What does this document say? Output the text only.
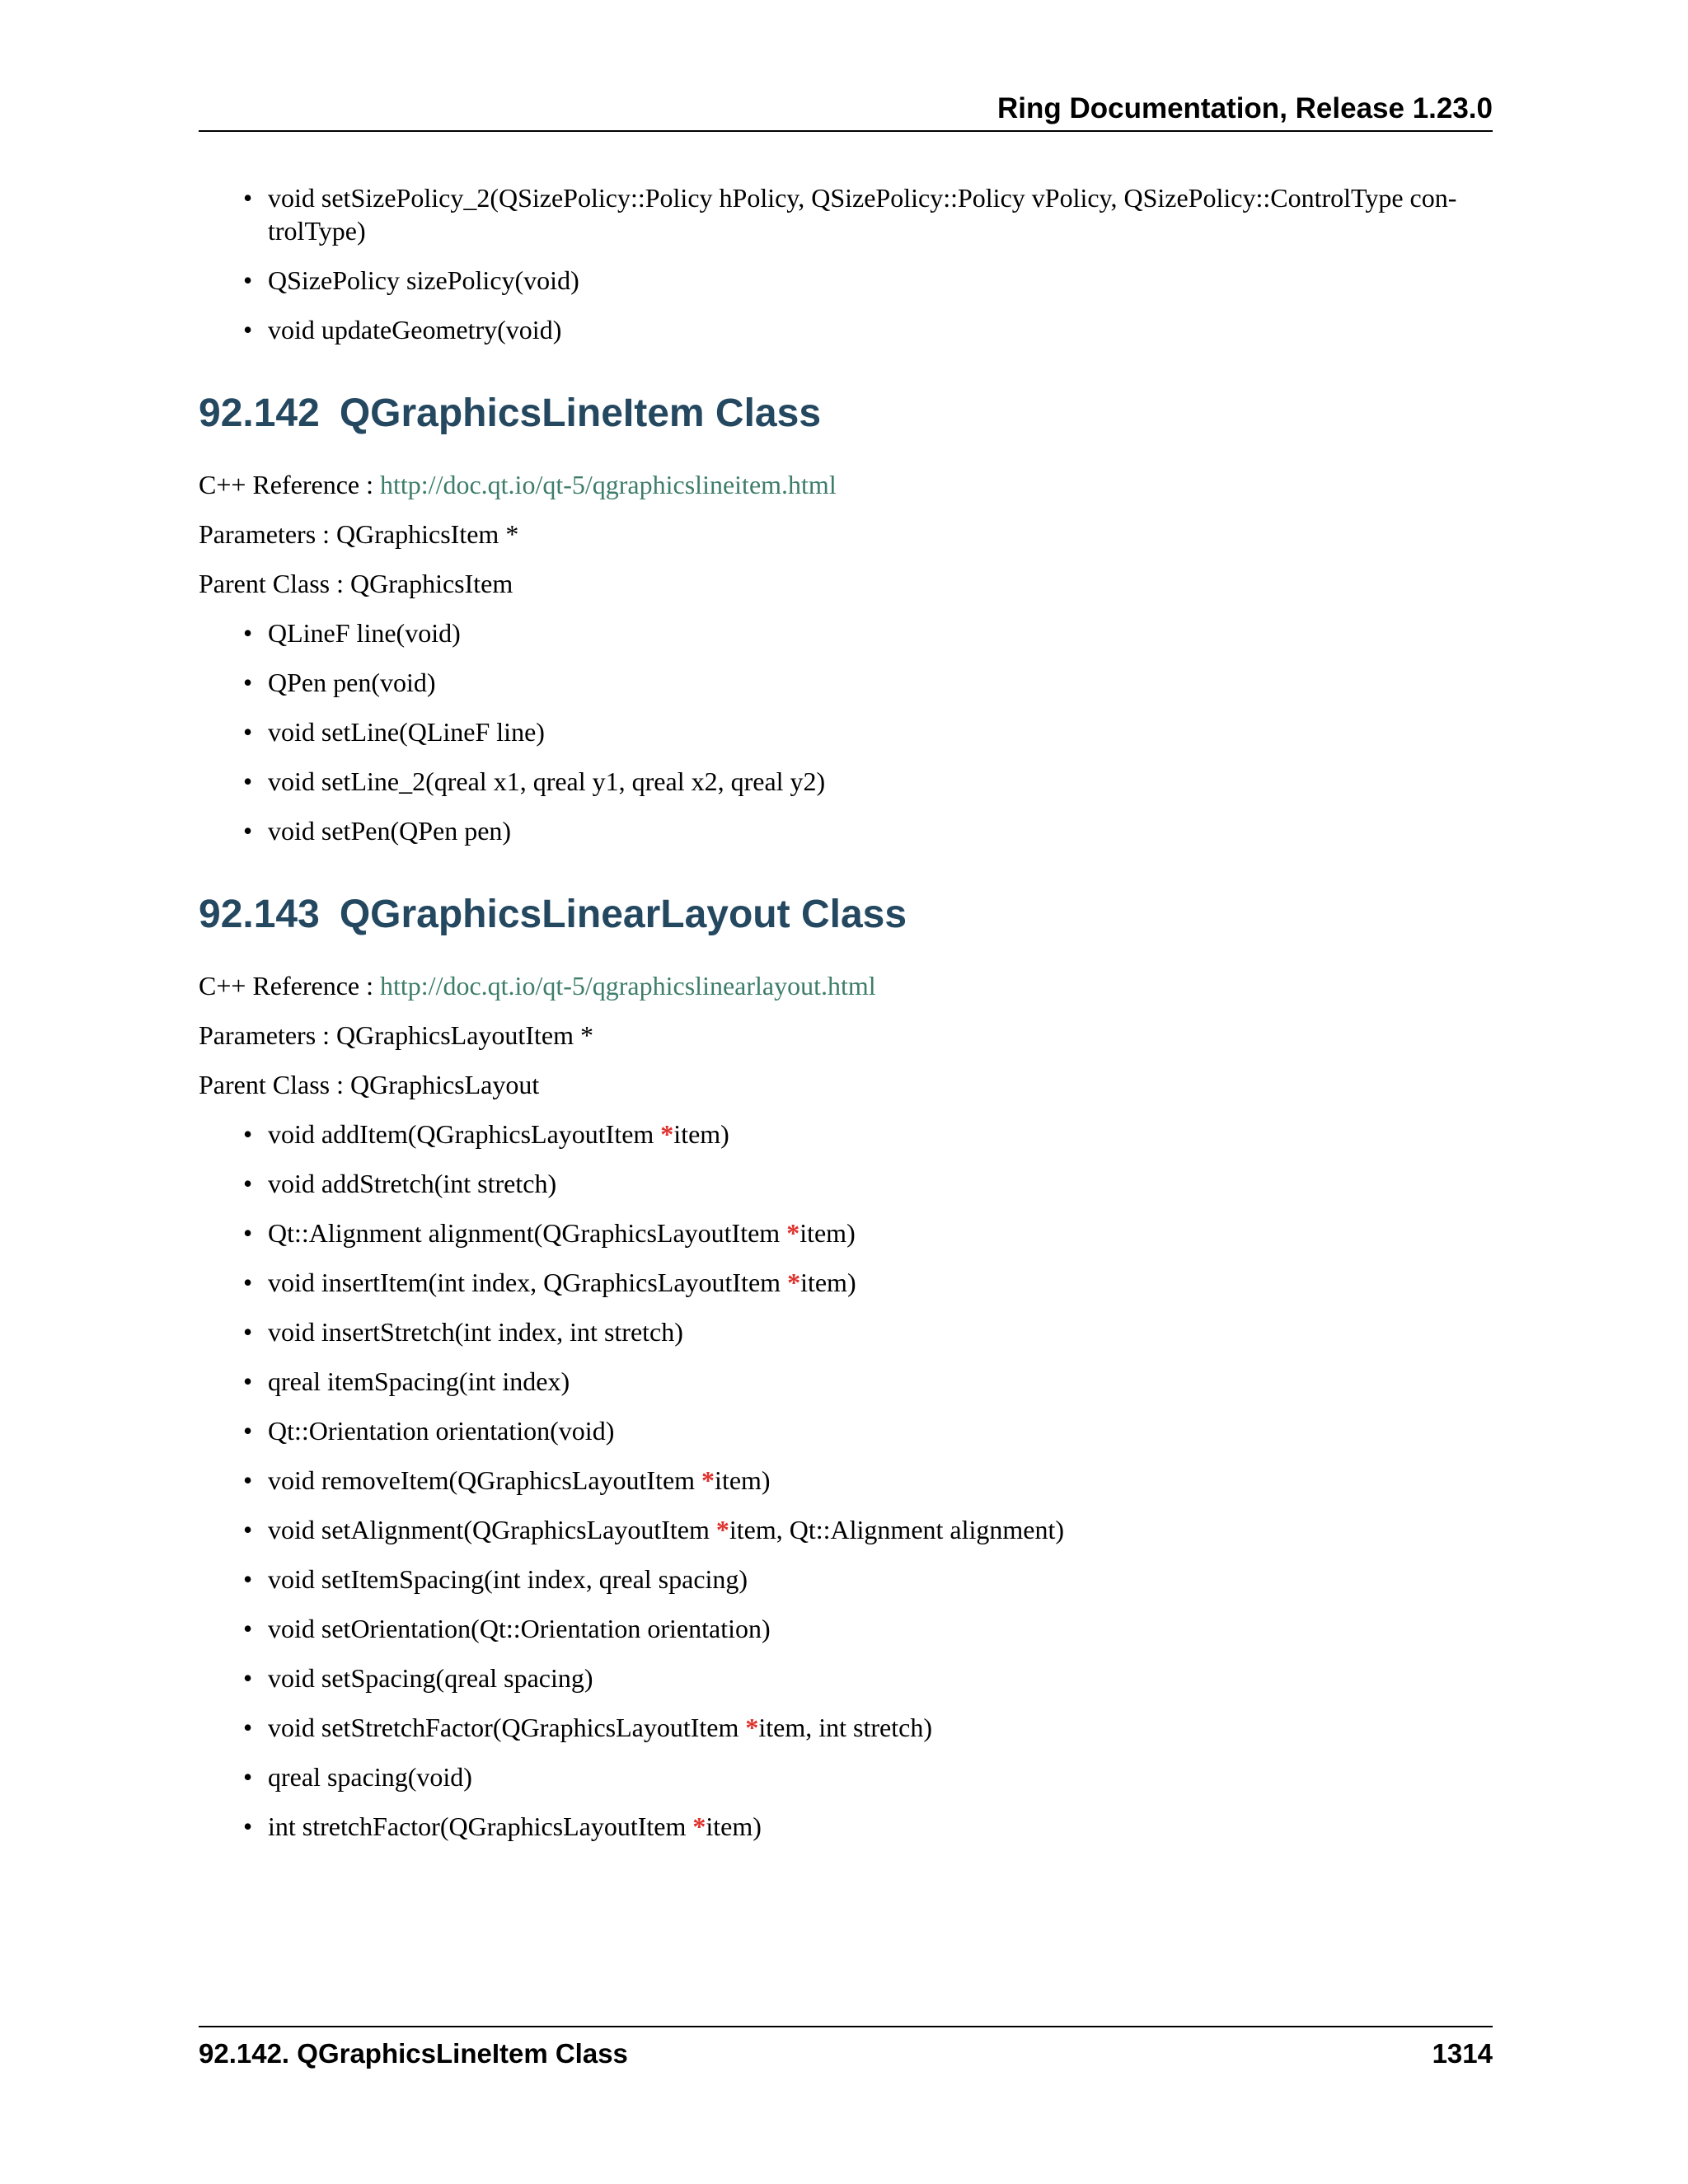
Ring Documentation, Release 1.23.0
• void setSizePolicy_2(QSizePolicy::Policy hPolicy, QSizePolicy::Policy vPolicy, QSizePolicy::ControlType con-trolType)
• QSizePolicy sizePolicy(void)
• void updateGeometry(void)
92.142 QGraphicsLineItem Class
C++ Reference : http://doc.qt.io/qt-5/qgraphicslineitem.html
Parameters : QGraphicsItem *
Parent Class : QGraphicsItem
• QLineF line(void)
• QPen pen(void)
• void setLine(QLineF line)
• void setLine_2(qreal x1, qreal y1, qreal x2, qreal y2)
• void setPen(QPen pen)
92.143 QGraphicsLinearLayout Class
C++ Reference : http://doc.qt.io/qt-5/qgraphicslinearlayout.html
Parameters : QGraphicsLayoutItem *
Parent Class : QGraphicsLayout
• void addItem(QGraphicsLayoutItem *item)
• void addStretch(int stretch)
• Qt::Alignment alignment(QGraphicsLayoutItem *item)
• void insertItem(int index, QGraphicsLayoutItem *item)
• void insertStretch(int index, int stretch)
• qreal itemSpacing(int index)
• Qt::Orientation orientation(void)
• void removeItem(QGraphicsLayoutItem *item)
• void setAlignment(QGraphicsLayoutItem *item, Qt::Alignment alignment)
• void setItemSpacing(int index, qreal spacing)
• void setOrientation(Qt::Orientation orientation)
• void setSpacing(qreal spacing)
• void setStretchFactor(QGraphicsLayoutItem *item, int stretch)
• qreal spacing(void)
• int stretchFactor(QGraphicsLayoutItem *item)
92.142. QGraphicsLineItem Class	1314
